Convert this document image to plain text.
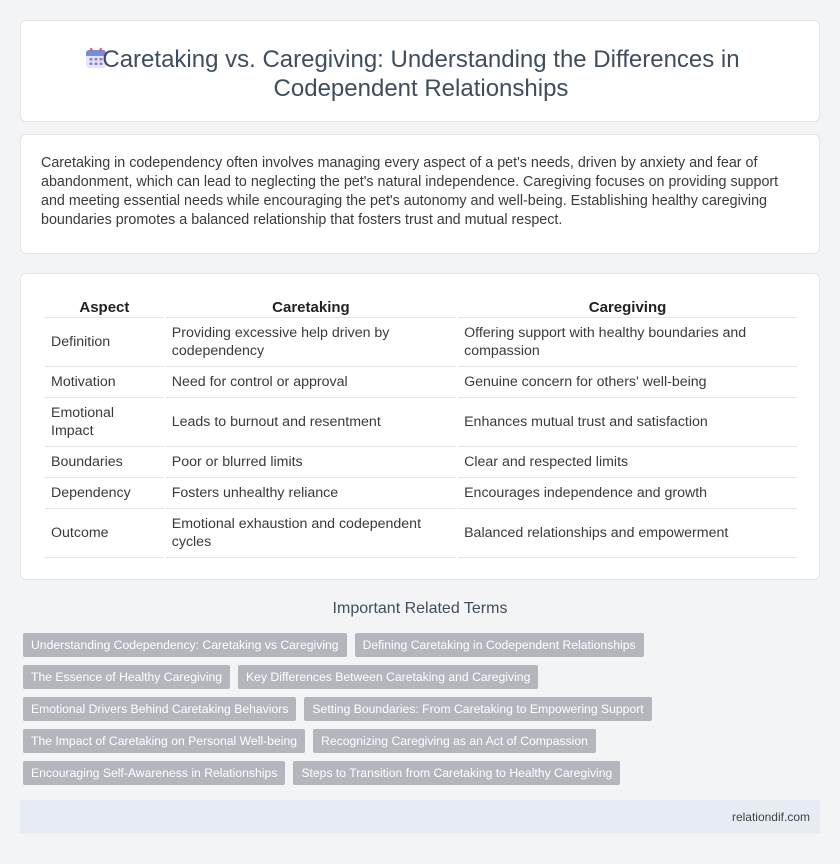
Caretaking vs. Caregiving: Understanding the Differences in Codependent Relationships

Caretaking in codependency often involves managing every aspect of a pet's needs, driven by anxiety and fear of abandonment, which can lead to neglecting the pet's natural independence. Caregiving focuses on providing support and meeting essential needs while encouraging the pet's autonomy and well-being. Establishing healthy caregiving boundaries promotes a balanced relationship that fosters trust and mutual respect.

Aspect	Caretaking	Caregiving
Definition	Providing excessive help driven by codependency	Offering support with healthy boundaries and compassion
Motivation	Need for control or approval	Genuine concern for others' well-being
Emotional Impact	Leads to burnout and resentment	Enhances mutual trust and satisfaction
Boundaries	Poor or blurred limits	Clear and respected limits
Dependency	Fosters unhealthy reliance	Encourages independence and growth
Outcome	Emotional exhaustion and codependent cycles	Balanced relationships and empowerment
Important Related Terms
Understanding Codependency: Caretaking vs Caregiving	Defining Caretaking in Codependent Relationships
The Essence of Healthy Caregiving	Key Differences Between Caretaking and Caregiving
Emotional Drivers Behind Caretaking Behaviors	Setting Boundaries: From Caretaking to Empowering Support
The Impact of Caretaking on Personal Well-being	Recognizing Caregiving as an Act of Compassion
Encouraging Self-Awareness in Relationships	Steps to Transition from Caretaking to Healthy Caregiving
relationdif.com
